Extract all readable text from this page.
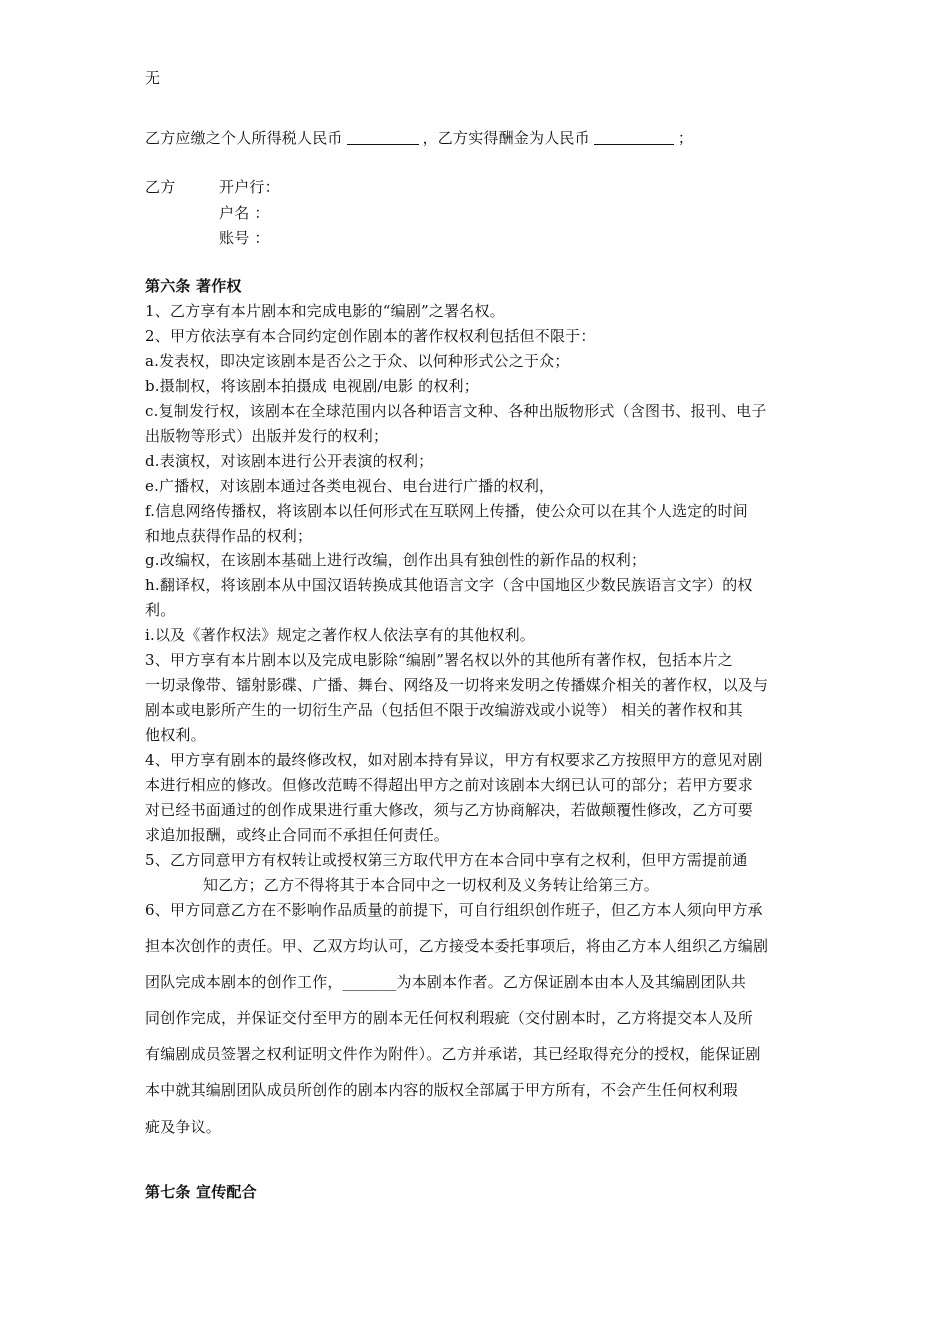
无
乙方应缴之个人所得税人民币	，乙方实得酬金为人民币	；
乙方	开户行：
户名 ：
账号 ：
第六条 著作权
1、乙方享有本片剧本和完成电影的“编剧”之署名权。
2、甲方依法享有本合同约定创作剧本的著作权权利包括但不限于：
a.发表权，即决定该剧本是否公之于众、以何种形式公之于众；
b.摄制权，将该剧本拍摄成 电视剧/电影 的权利；
c.复制发行权，该剧本在全球范围内以各种语言文种、各种出版物形式（含图书、报刊、电子
出版物等形式）出版并发行的权利；
d.表演权，对该剧本进行公开表演的权利；
e.广播权，对该剧本通过各类电视台、电台进行广播的权利，
f.信息网络传播权，将该剧本以任何形式在互联网上传播，使公众可以在其个人选定的时间
和地点获得作品的权利；
g.改编权，在该剧本基础上进行改编，创作出具有独创性的新作品的权利；
h.翻译权，将该剧本从中国汉语转换成其他语言文字（含中国地区少数民族语言文字）的权
利。
i.以及《著作权法》规定之著作权人依法享有的其他权利。
3、甲方享有本片剧本以及完成电影除“编剧”署名权以外的其他所有著作权，包括本片之
一切录像带、镭射影碟、广播、舞台、网络及一切将来发明之传播媒介相关的著作权，以及与
剧本或电影所产生的一切衍生产品（包括但不限于改编游戏或小说等） 相关的著作权和其
他权利。
4、甲方享有剧本的最终修改权，如对剧本持有异议，甲方有权要求乙方按照甲方的意见对剧
本进行相应的修改。但修改范畴不得超出甲方之前对该剧本大纲已认可的部分；若甲方要求
对已经书面通过的创作成果进行重大修改，须与乙方协商解决，若做颠覆性修改，乙方可要
求追加报酬，或终止合同而不承担任何责任。
5、乙方同意甲方有权转让或授权第三方取代甲方在本合同中享有之权利，但甲方需提前通
知乙方；乙方不得将其于本合同中之一切权利及义务转让给第三方。
6、甲方同意乙方在不影响作品质量的前提下，可自行组织创作班子，但乙方本人须向甲方承
担本次创作的责任。甲、乙双方均认可，乙方接受本委托事项后，将由乙方本人组织乙方编剧
团队完成本剧本的创作工作，_______为本剧本作者。乙方保证剧本由本人及其编剧团队共
同创作完成，并保证交付至甲方的剧本无任何权利瑕疵（交付剧本时，乙方将提交本人及所
有编剧成员签署之权利证明文件作为附件）。乙方并承诺，其已经取得充分的授权，能保证剧
本中就其编剧团队成员所创作的剧本内容的版权全部属于甲方所有，不会产生任何权利瑕
疵及争议。
第七条 宣传配合
